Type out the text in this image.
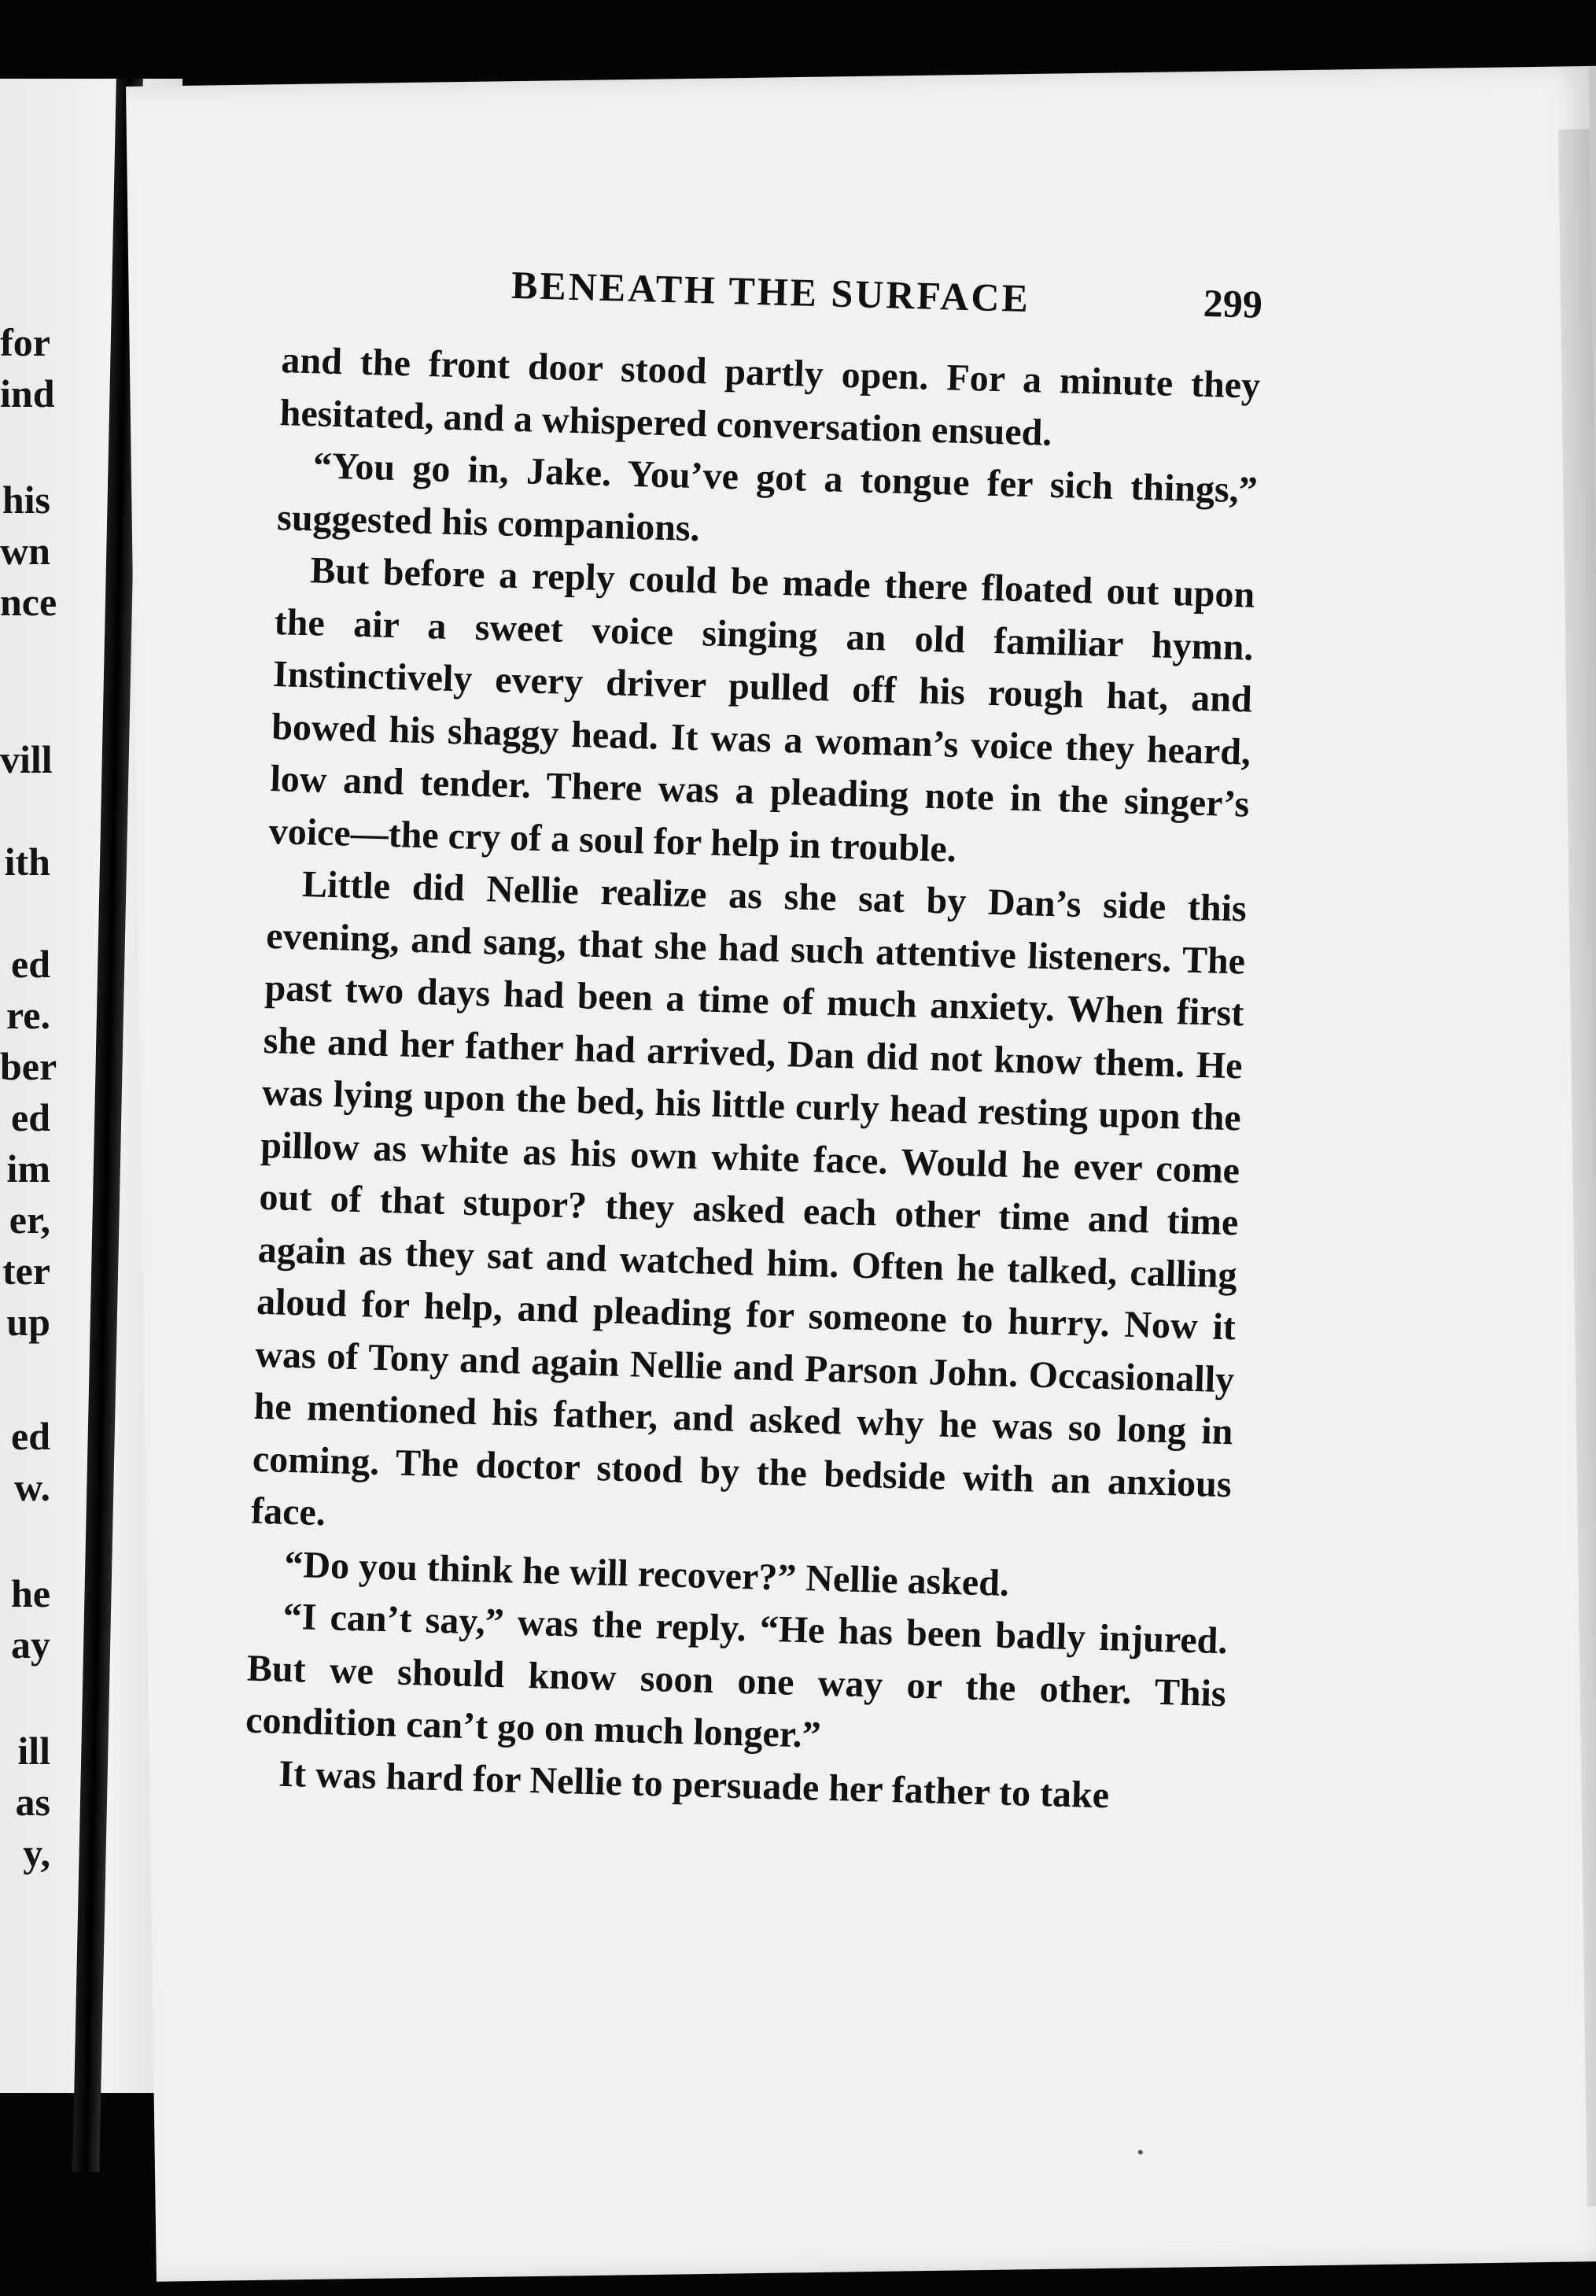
for
ind
his
wn
nce
vill
ith
ed
re.
ber
ed
im
er,
ter
up
ed
w.
he
ay
ill
as
y,
BENEATH THE SURFACE	299

and the front door stood partly open. For a minute they hesitated, and a whispered conversation ensued.

“You go in, Jake. You’ve got a tongue fer sich things,” suggested his companions.

But before a reply could be made there floated out upon the air a sweet voice singing an old familiar hymn. Instinctively every driver pulled off his rough hat, and bowed his shaggy head. It was a woman’s voice they heard, low and tender. There was a pleading note in the singer’s voice—the cry of a soul for help in trouble.

Little did Nellie realize as she sat by Dan’s side this evening, and sang, that she had such attentive listeners. The past two days had been a time of much anxiety. When first she and her father had arrived, Dan did not know them. He was lying upon the bed, his little curly head resting upon the pillow as white as his own white face. Would he ever come out of that stupor? they asked each other time and time again as they sat and watched him. Often he talked, calling aloud for help, and pleading for someone to hurry. Now it was of Tony and again Nellie and Parson John. Occasionally he mentioned his father, and asked why he was so long in coming. The doctor stood by the bedside with an anxious face.

“Do you think he will recover?” Nellie asked.

“I can’t say,” was the reply. “He has been badly injured. But we should know soon one way or the other. This condition can’t go on much longer.”

It was hard for Nellie to persuade her father to take
